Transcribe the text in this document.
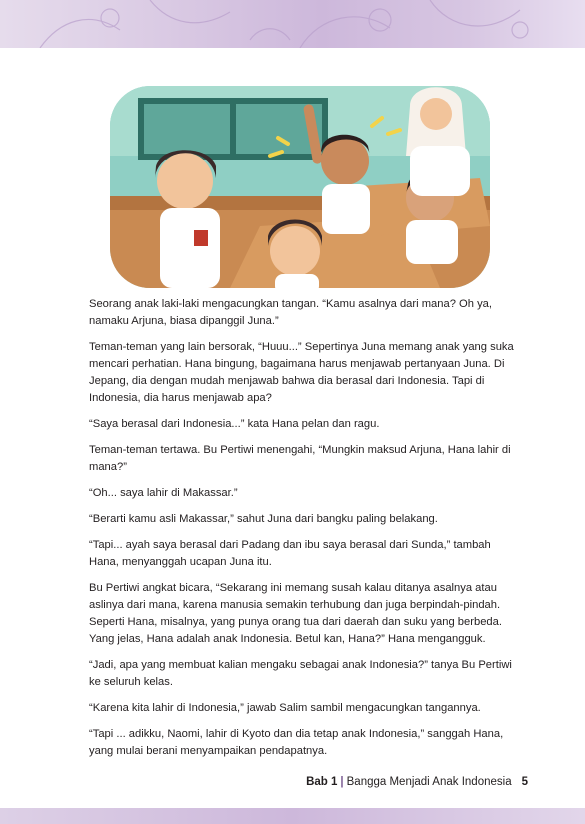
Seorang anak laki-laki mengacungkan tangan. “Kamu asalnya dari mana? Oh ya, namaku Arjuna, biasa dipanggil Juna.”

Teman-teman yang lain bersorak, “Huuu...” Sepertinya Juna memang anak yang suka mencari perhatian. Hana bingung, bagaimana harus menjawab pertanyaan Juna. Di Jepang, dia dengan mudah menjawab bahwa dia berasal dari Indonesia. Tapi di Indonesia, dia harus menjawab apa?

“Saya berasal dari Indonesia...” kata Hana pelan dan ragu.

Teman-teman tertawa. Bu Pertiwi menengahi, “Mungkin maksud Arjuna, Hana lahir di mana?”

“Oh... saya lahir di Makassar.”

“Berarti kamu asli Makassar,” sahut Juna dari bangku paling belakang.

“Tapi... ayah saya berasal dari Padang dan ibu saya berasal dari Sunda,” tambah Hana, menyanggah ucapan Juna itu.

Bu Pertiwi angkat bicara, “Sekarang ini memang susah kalau ditanya asalnya atau aslinya dari mana, karena manusia semakin terhubung dan juga berpindah-pindah. Seperti Hana, misalnya, yang punya orang tua dari daerah dan suku yang berbeda. Yang jelas, Hana adalah anak Indonesia. Betul kan, Hana?” Hana mengangguk.

“Jadi, apa yang membuat kalian mengaku sebagai anak Indonesia?” tanya Bu Pertiwi ke seluruh kelas.

“Karena kita lahir di Indonesia,” jawab Salim sambil mengacungkan tangannya.

“Tapi ... adikku, Naomi, lahir di Kyoto dan dia tetap anak Indonesia,” sanggah Hana, yang mulai berani menyampaikan pendapatnya.

Bab 1 | Bangga Menjadi Anak Indonesia 5
